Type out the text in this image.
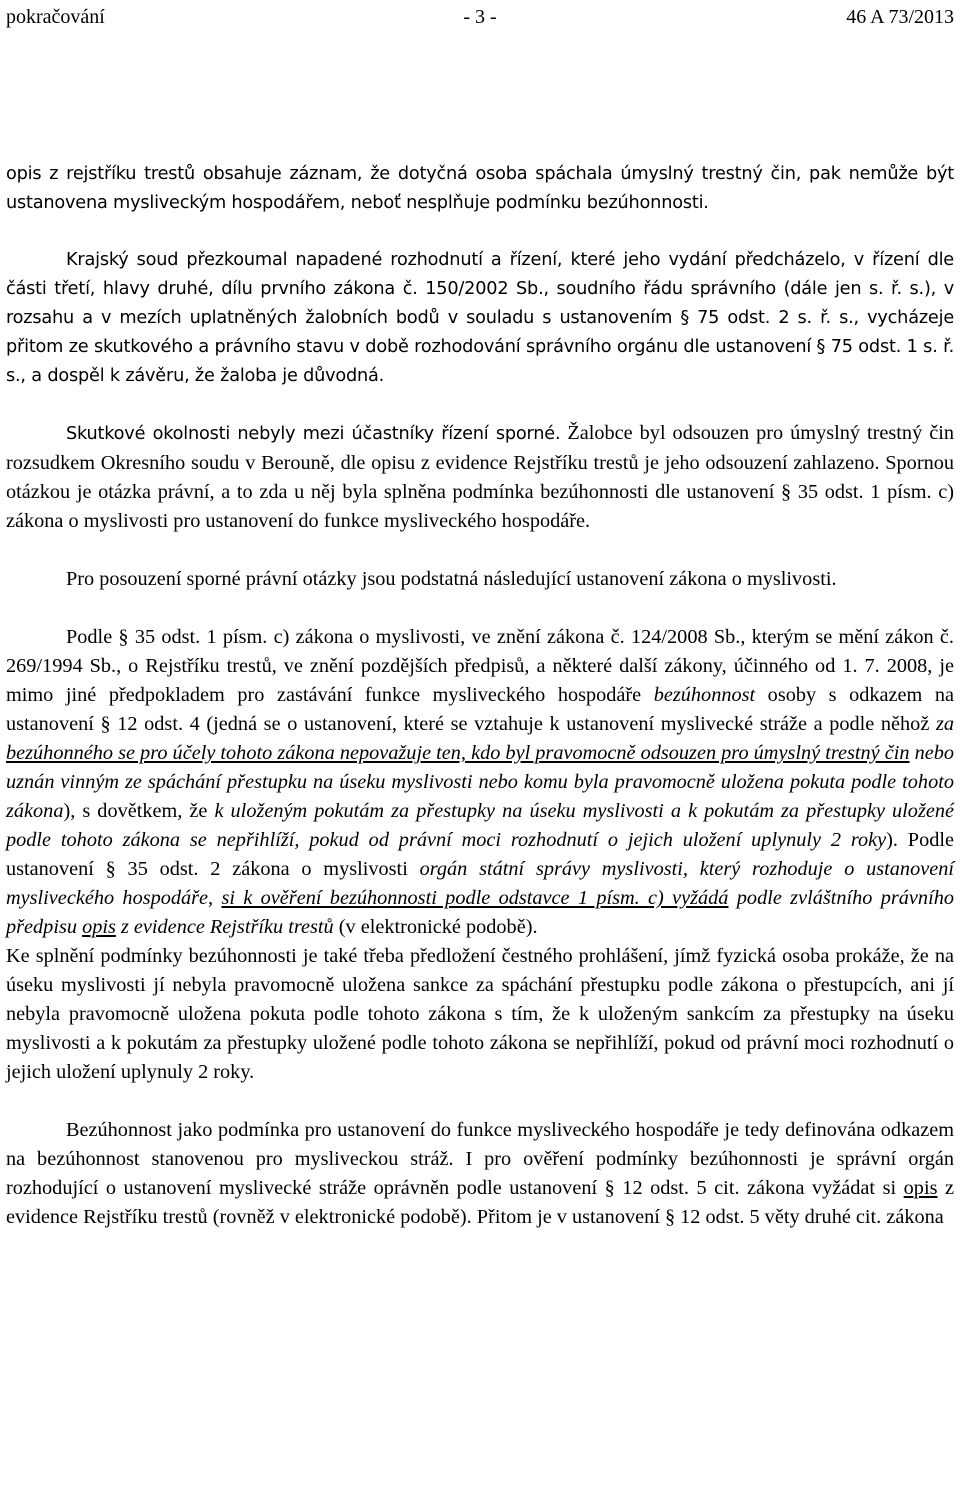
pokračování	- 3 -	46 A 73/2013

opis z rejstříku trestů obsahuje záznam, že dotyčná osoba spáchala úmyslný trestný čin, pak nemůže být ustanovena mysliveckým hospodářem, neboť nesplňuje podmínku bezúhonnosti.

Krajský soud přezkoumal napadené rozhodnutí a řízení, které jeho vydání předcházelo, v řízení dle části třetí, hlavy druhé, dílu prvního zákona č. 150/2002 Sb., soudního řádu správního (dále jen s. ř. s.), v rozsahu a v mezích uplatněných žalobních bodů v souladu s ustanovením § 75 odst. 2 s. ř. s., vycházeje přitom ze skutkového a právního stavu v době rozhodování správního orgánu dle ustanovení § 75 odst. 1 s. ř. s., a dospěl k závěru, že žaloba je důvodná.

Skutkové okolnosti nebyly mezi účastníky řízení sporné. Žalobce byl odsouzen pro úmyslný trestný čin rozsudkem Okresního soudu v Berouně, dle opisu z evidence Rejstříku trestů je jeho odsouzení zahlazeno. Spornou otázkou je otázka právní, a to zda u něj byla splněna podmínka bezúhonnosti dle ustanovení § 35 odst. 1 písm. c) zákona o myslivosti pro ustanovení do funkce mysliveckého hospodáře.

Pro posouzení sporné právní otázky jsou podstatná následující ustanovení zákona o myslivosti.

Podle § 35 odst. 1 písm. c) zákona o myslivosti, ve znění zákona č. 124/2008 Sb., kterým se mění zákon č. 269/1994 Sb., o Rejstříku trestů, ve znění pozdějších předpisů, a některé další zákony, účinného od 1. 7. 2008, je mimo jiné předpokladem pro zastávání funkce mysliveckého hospodáře bezúhonnost osoby s odkazem na ustanovení § 12 odst. 4 (jedná se o ustanovení, které se vztahuje k ustanovení myslivecké stráže a podle něhož za bezúhonného se pro účely tohoto zákona nepovažuje ten, kdo byl pravomocně odsouzen pro úmyslný trestný čin nebo uznán vinným ze spáchání přestupku na úseku myslivosti nebo komu byla pravomocně uložena pokuta podle tohoto zákona), s dovětkem, že k uloženým pokutám za přestupky na úseku myslivosti a k pokutám za přestupky uložené podle tohoto zákona se nepřihlíží, pokud od právní moci rozhodnutí o jejich uložení uplynuly 2 roky). Podle ustanovení § 35 odst. 2 zákona o myslivosti orgán státní správy myslivosti, který rozhoduje o ustanovení mysliveckého hospodáře, si k ověření bezúhonnosti podle odstavce 1 písm. c) vyžádá podle zvláštního právního předpisu opis z evidence Rejstříku trestů (v elektronické podobě).

Ke splnění podmínky bezúhonnosti je také třeba předložení čestného prohlášení, jímž fyzická osoba prokáže, že na úseku myslivosti jí nebyla pravomocně uložena sankce za spáchání přestupku podle zákona o přestupcích, ani jí nebyla pravomocně uložena pokuta podle tohoto zákona s tím, že k uloženým sankcím za přestupky na úseku myslivosti a k pokutám za přestupky uložené podle tohoto zákona se nepřihlíží, pokud od právní moci rozhodnutí o jejich uložení uplynuly 2 roky.

Bezúhonnost jako podmínka pro ustanovení do funkce mysliveckého hospodáře je tedy definována odkazem na bezúhonnost stanovenou pro mysliveckou stráž. I pro ověření podmínky bezúhonnosti je správní orgán rozhodující o ustanovení myslivecké stráže oprávněn podle ustanovení § 12 odst. 5 cit. zákona vyžádat si opis z evidence Rejstříku trestů (rovněž v elektronické podobě). Přitom je v ustanovení § 12 odst. 5 věty druhé cit. zákona
